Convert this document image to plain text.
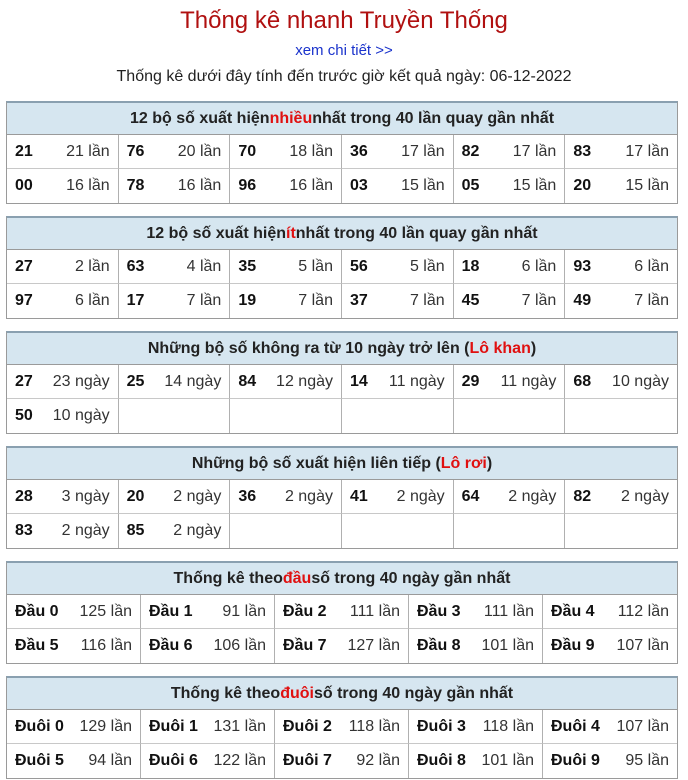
Thống kê nhanh Truyền Thống
xem chi tiết >>
Thống kê dưới đây tính đến trước giờ kết quả ngày: 06-12-2022
12 bộ số xuất hiện nhiều nhất trong 40 lần quay gần nhất
21 21 lần 76 20 lần 70 18 lần 36 17 lần 82 17 lần 83 17 lần
00 16 lần 78 16 lần 96 16 lần 03 15 lần 05 15 lần 20 15 lần
12 bộ số xuất hiện ít nhất trong 40 lần quay gần nhất
27	2 lần 63	4 lần 35	5 lần 56	5 lần 18	6 lần 93	6 lần
97	6 lần 17	7 lần 19	7 lần 37	7 lần 45	7 lần 49	7 lần
Những bộ số không ra từ 10 ngày trở lên ( Lô khan )
27 23 ngày 25 14 ngày 84 12 ngày 14 11 ngày 29 11 ngày 68 10 ngày
50 10 ngày
Những bộ số xuất hiện liên tiếp ( Lô rơi )
28 3 ngày 20 2 ngày 36 2 ngày 41 2 ngày 64 2 ngày 82 2 ngày
83 2 ngày 85 2 ngày
Thống kê theo đầu số trong 40 ngày gần nhất
Đầu 0 125 lần Đầu 1 91 lần Đầu 2 111 lần Đầu 3 111 lần Đầu 4 112 lần
Đầu 5 116 lần Đầu 6 106 lần Đầu 7 127 lần Đầu 8 101 lần Đầu 9 107 lần
Thống kê theo đuôi số trong 40 ngày gần nhất
Đuôi 0 129 lần Đuôi 1 131 lần Đuôi 2 118 lần Đuôi 3 118 lần Đuôi 4 107 lần
Đuôi 5 94 lần Đuôi 6 122 lần Đuôi 7 92 lần Đuôi 8 101 lần Đuôi 9 95 lần
